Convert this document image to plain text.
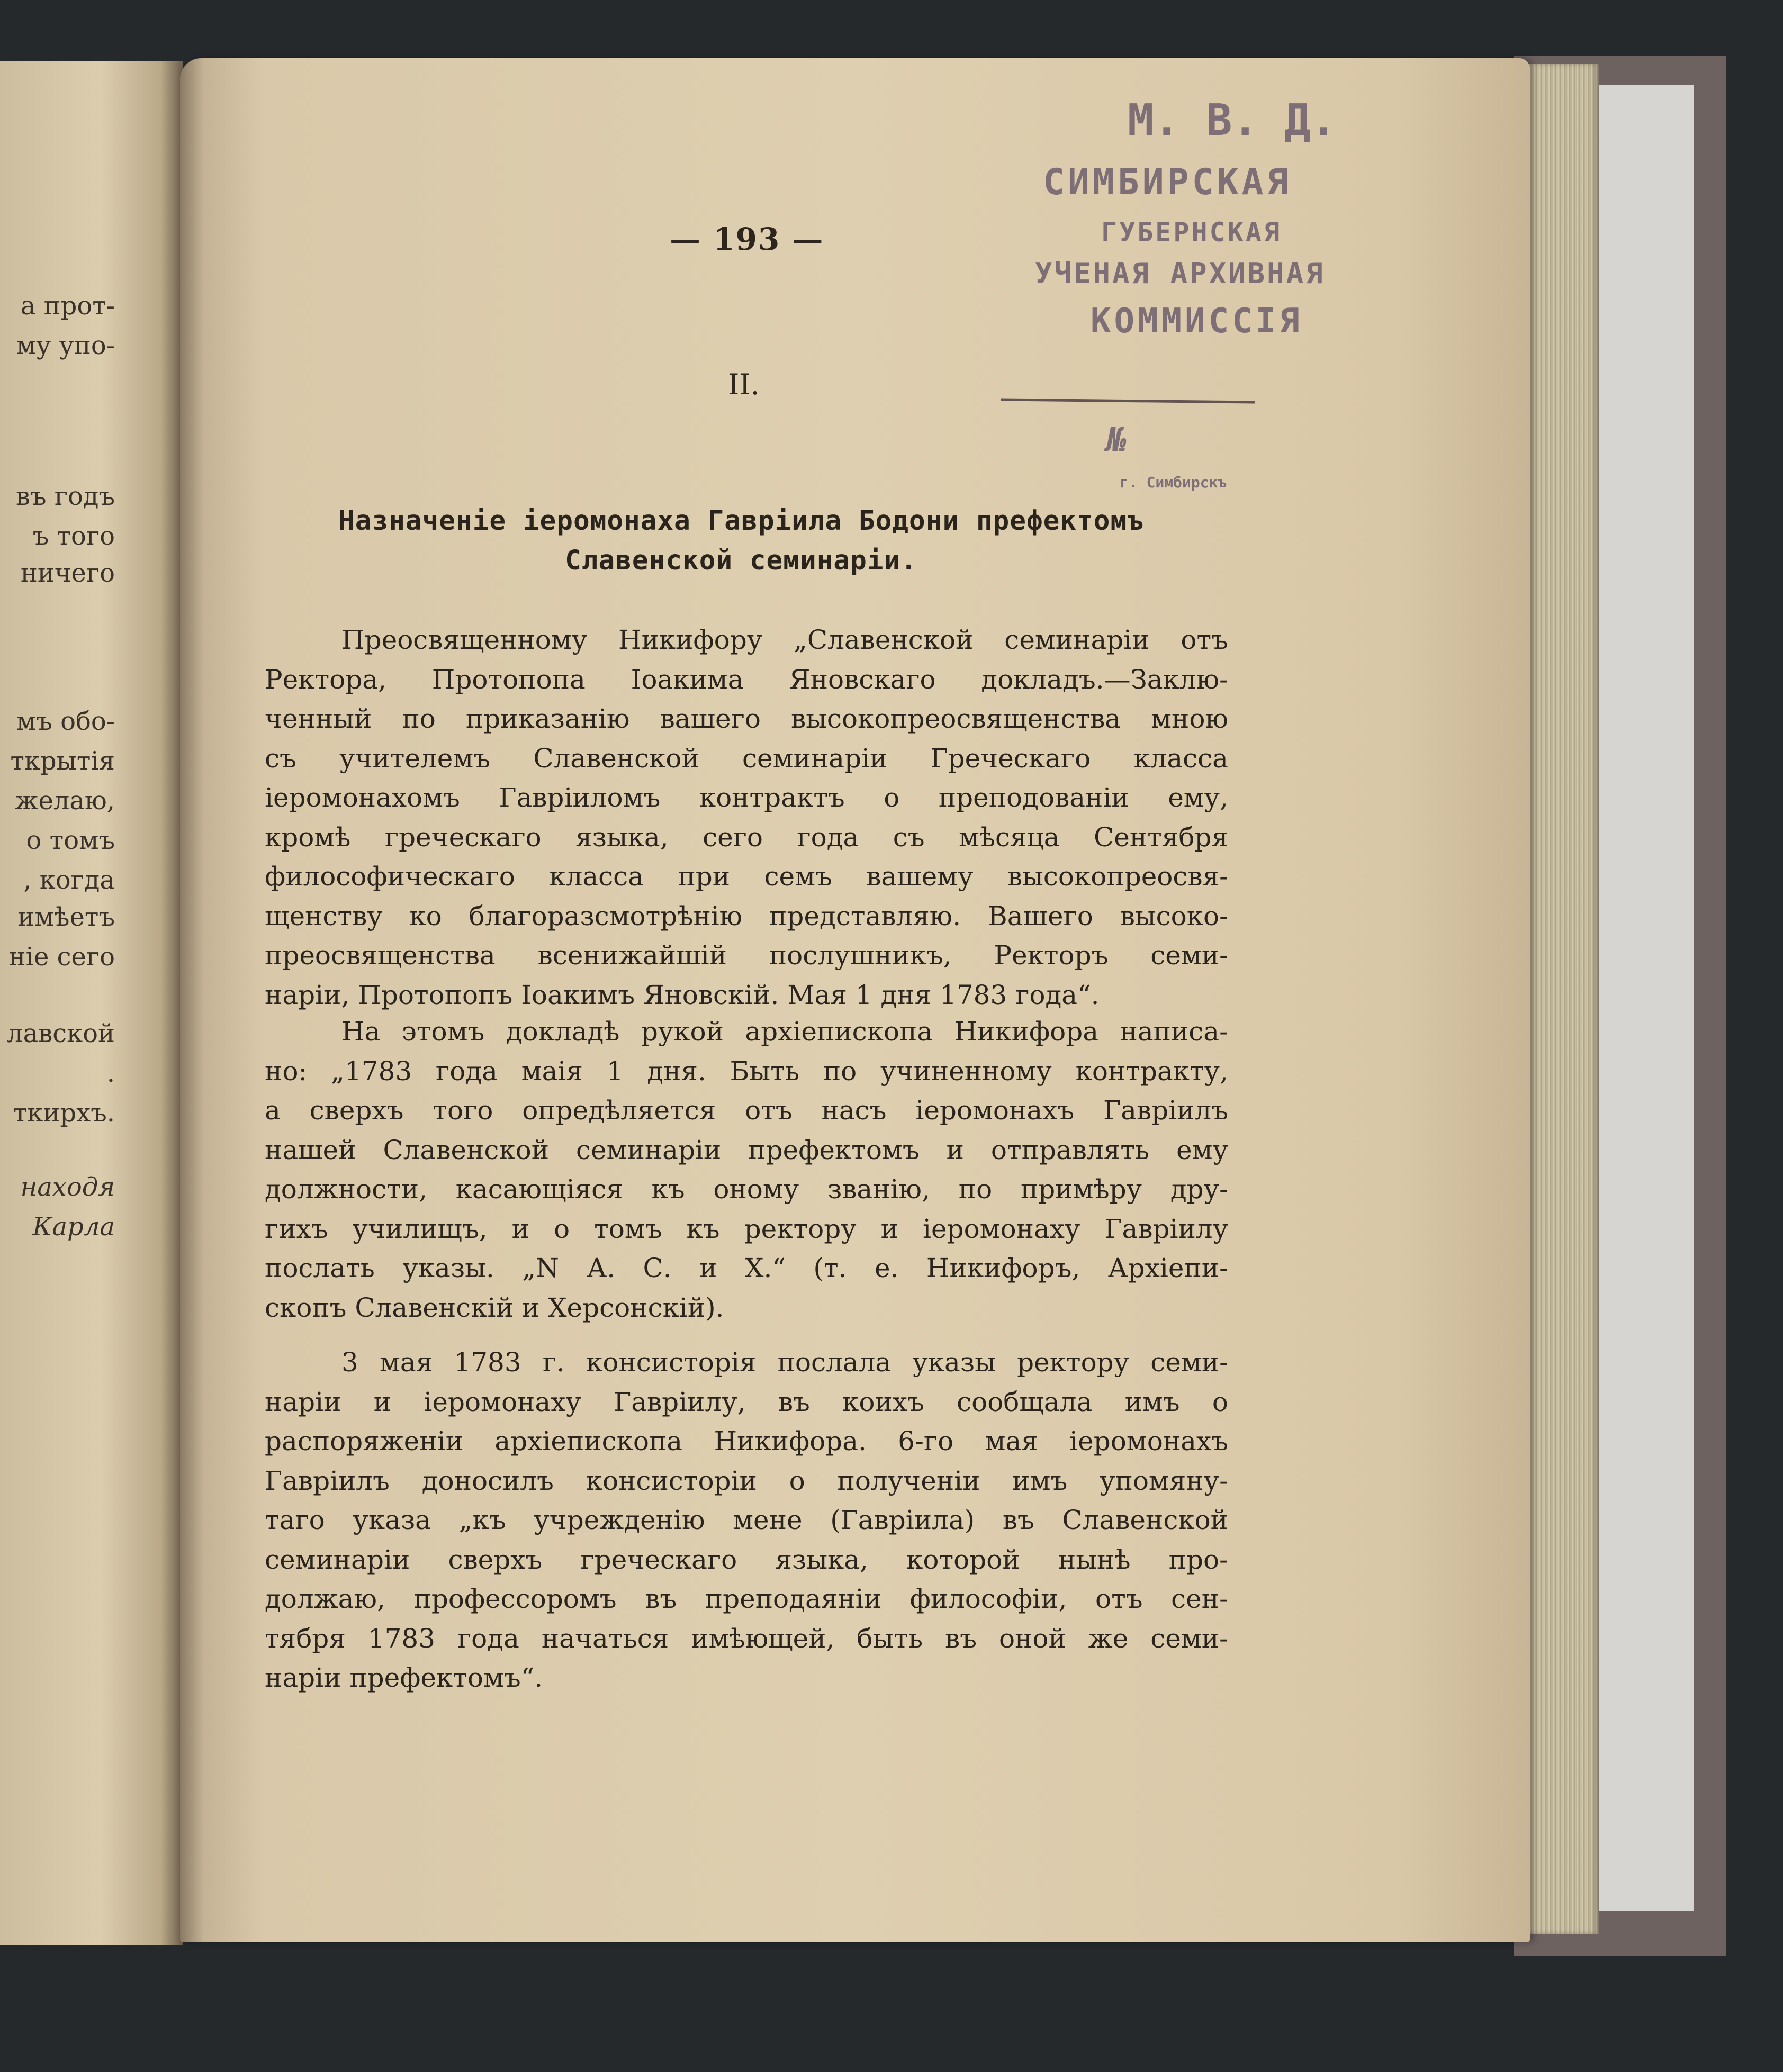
а прот-
му упо-
въ годъ
ъ того
ничего
мъ обо-
ткрытія
желаю,
о томъ
, когда
имѣетъ
ніе сего
лавской
.
ткирхъ.
находя
Карла
— 193 —
II.
Назначеніе іеромонаха Гавріила Бодони префектомъ
Славенской семинаріи.
Преосвященному Никифору „Славенской семинаріи отъ
Ректора, Протопопа Іоакима Яновскаго докладъ.—Заклю-
ченный по приказанію вашего высокопреосвященства мною
съ учителемъ Славенской семинаріи Греческаго класса
іеромонахомъ Гавріиломъ контрактъ о преподованіи ему,
кромѣ греческаго языка, сего года съ мѣсяца Сентября
философическаго класса при семъ вашему высокопреосвя-
щенству ко благоразсмотрѣнію представляю. Вашего высоко-
преосвященства всенижайшій послушникъ, Ректоръ семи-
наріи, Протопопъ Іоакимъ Яновскій. Мая 1 дня 1783 года“.
На этомъ докладѣ рукой архіепископа Никифора написа-
но: „1783 года маія 1 дня. Быть по учиненному контракту,
а сверхъ того опредѣляется отъ насъ іеромонахъ Гавріилъ
нашей Славенской семинаріи префектомъ и отправлять ему
должности, касающіяся къ оному званію, по примѣру дру-
гихъ училищъ, и о томъ къ ректору и іеромонаху Гавріилу
послать указы. „N А. С. и Х.“ (т. е. Никифоръ, Архіепи-
скопъ Славенскій и Херсонскій).
3 мая 1783 г. консисторія послала указы ректору семи-
наріи и іеромонаху Гавріилу, въ коихъ сообщала имъ о
распоряженіи архіепископа Никифора. 6-го мая іеромонахъ
Гавріилъ доносилъ консисторіи о полученіи имъ упомяну-
таго указа „къ учрежденію мене (Гавріила) въ Славенской
семинаріи сверхъ греческаго языка, которой нынѣ про-
должаю, профессоромъ въ преподаяніи философіи, отъ сен-
тября 1783 года начаться имѣющей, быть въ оной же семи-
наріи префектомъ“.
М. В. Д.
СИМБИРСКАЯ
ГУБЕРНСКАЯ
УЧЕНАЯ АРХИВНАЯ
КОММИССІЯ
№
г. Симбирскъ
